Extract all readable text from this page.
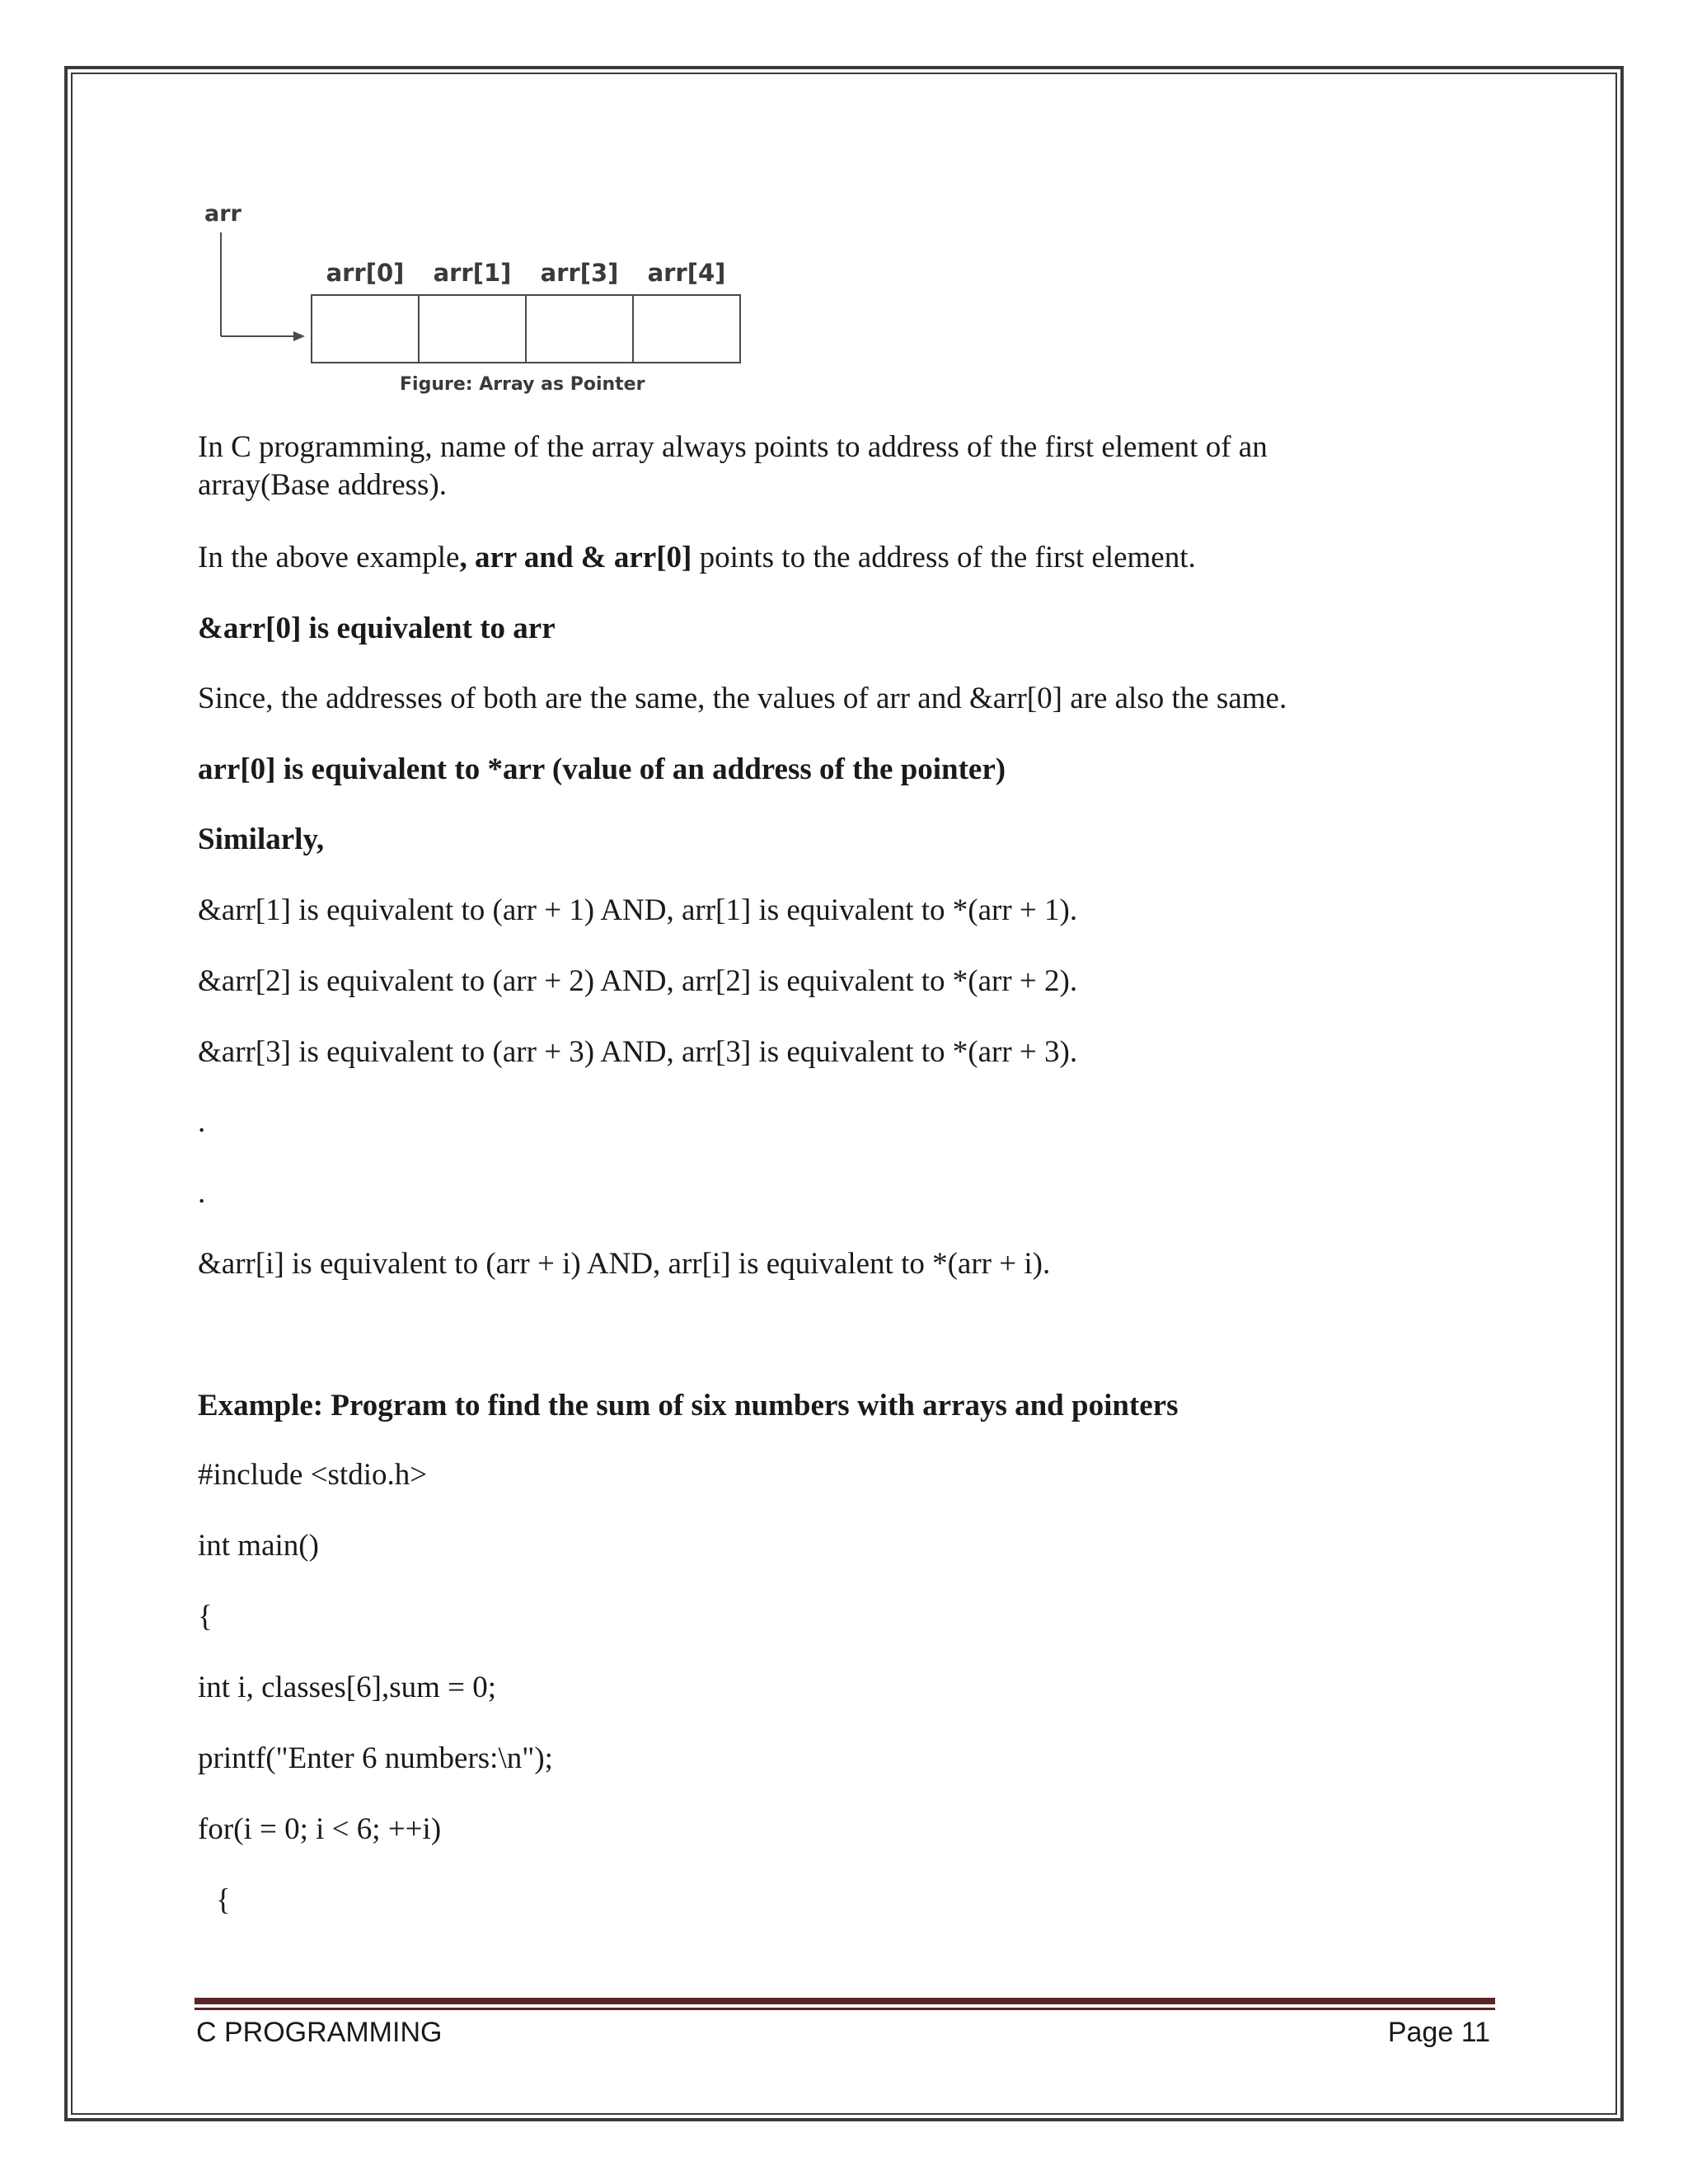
arr
arr[0]	arr[1]	arr[3]	arr[4]
Figure: Array as Pointer
In C programming, name of the array always points to address of the first element of an
array(Base address).
In the above example, arr and & arr[0] points to the address of the first element.
&arr[0] is equivalent to arr
Since, the addresses of both are the same, the values of arr and &arr[0] are also the same.
arr[0] is equivalent to *arr (value of an address of the pointer)
Similarly,
&arr[1] is equivalent to (arr + 1) AND, arr[1] is equivalent to *(arr + 1).
&arr[2] is equivalent to (arr + 2) AND, arr[2] is equivalent to *(arr + 2).
&arr[3] is equivalent to (arr + 3) AND, arr[3] is equivalent to *(arr + 3).
.
.
&arr[i] is equivalent to (arr + i) AND, arr[i] is equivalent to *(arr + i).
Example: Program to find the sum of six numbers with arrays and pointers
#include <stdio.h>
int main()
{
int i, classes[6],sum = 0;
printf("Enter 6 numbers:\n");
for(i = 0; i < 6; ++i)
{
C PROGRAMMING	Page 11
